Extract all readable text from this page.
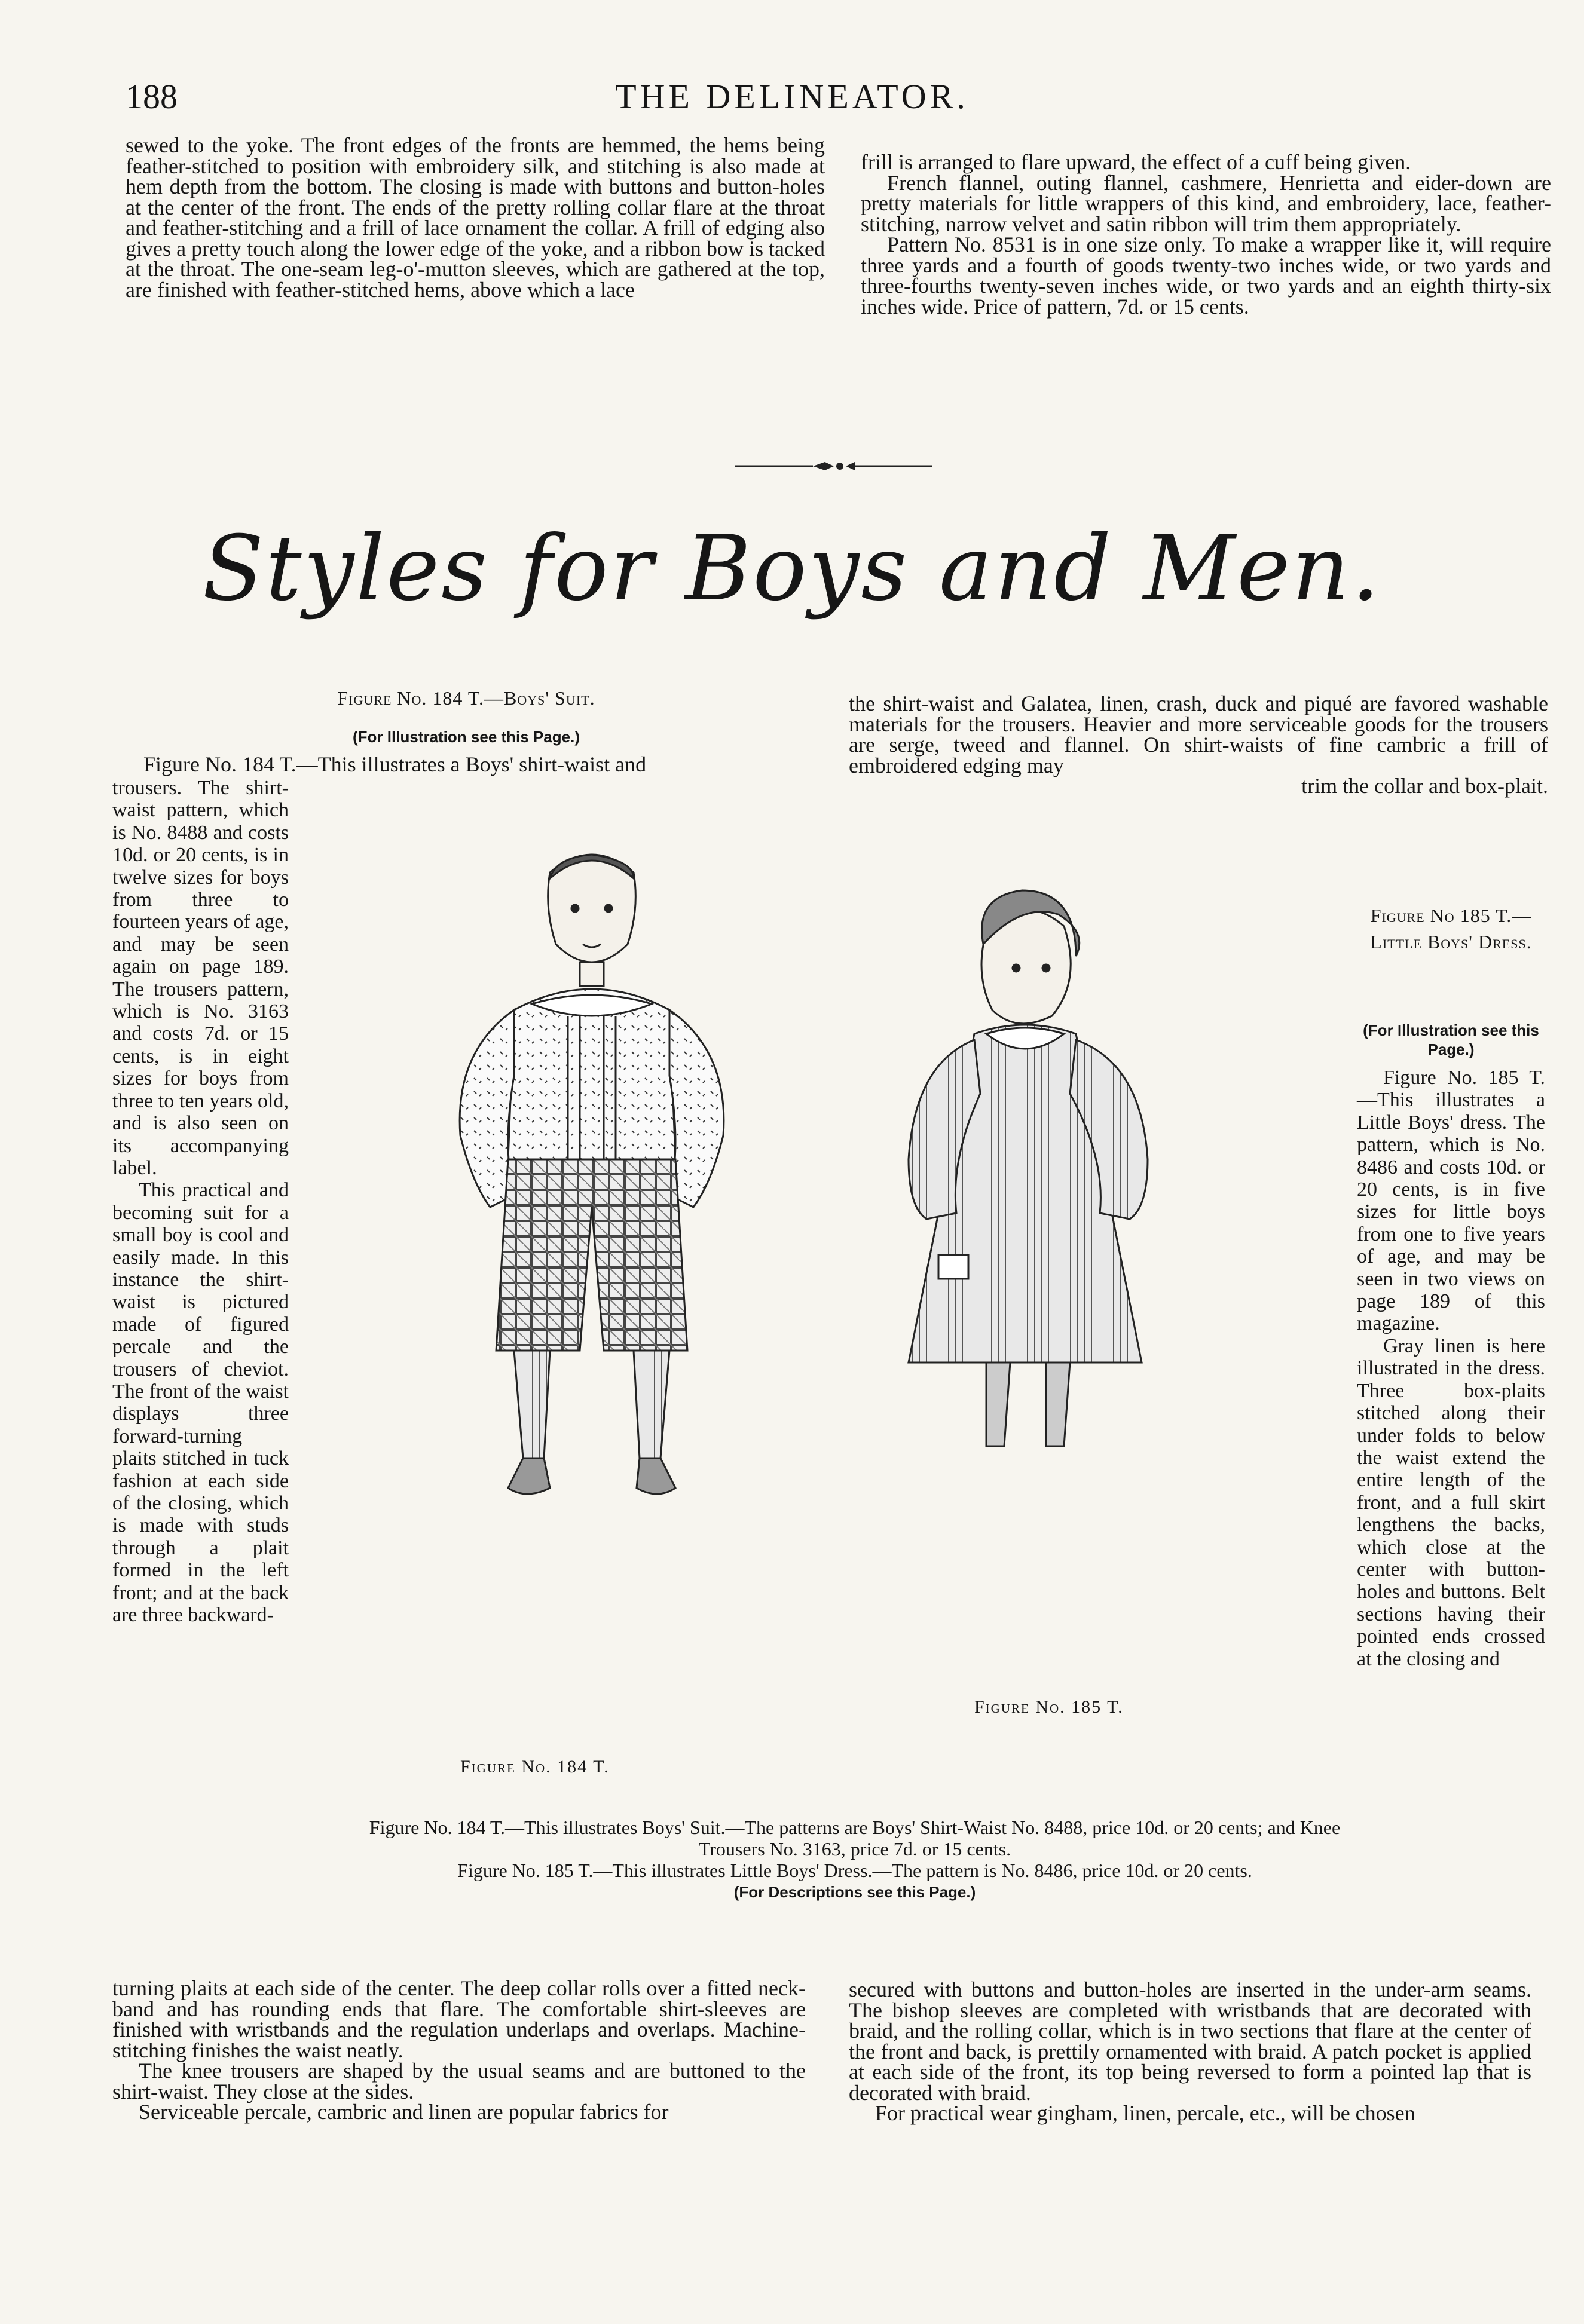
188	THE DELINEATOR.

sewed to the yoke. The front edges of the fronts are hemmed, the hems being feather-stitched to position with embroidery silk, and stitching is also made at hem depth from the bottom. The closing is made with buttons and button-holes at the center of the front. The ends of the pretty rolling collar flare at the throat and feather-stitching and a frill of lace ornament the collar. A frill of edging also gives a pretty touch along the lower edge of the yoke, and a ribbon bow is tacked at the throat. The one-seam leg-o'-mutton sleeves, which are gathered at the top, are finished with feather-stitched hems, above which a lace

frill is arranged to flare upward, the effect of a cuff being given.

French flannel, outing flannel, cashmere, Henrietta and eider-down are pretty materials for little wrappers of this kind, and embroidery, lace, feather-stitching, narrow velvet and satin ribbon will trim them appropriately.

Pattern No. 8531 is in one size only. To make a wrapper like it, will require three yards and a fourth of goods twenty-two inches wide, or two yards and three-fourths twenty-seven inches wide, or two yards and an eighth thirty-six inches wide. Price of pattern, 7d. or 15 cents.

Styles for Boys and Men.
Figure No. 184 T.—Boys' Suit.
(For Illustration see this Page.)
Figure No. 184 T.—This illustrates a Boys' shirt-waist and

trousers. The shirt-waist pattern, which is No. 8488 and costs 10d. or 20 cents, is in twelve sizes for boys from three to fourteen years of age, and may be seen again on page 189. The trousers pattern, which is No. 3163 and costs 7d. or 15 cents, is in eight sizes for boys from three to ten years old, and is also seen on its accompanying label.

This practical and becoming suit for a small boy is cool and easily made. In this instance the shirt-waist is pictured made of figured percale and the trousers of cheviot. The front of the waist displays three forward-turning plaits stitched in tuck fashion at each side of the closing, which is made with studs through a plait formed in the left front; and at the back are three backward-

the shirt-waist and Galatea, linen, crash, duck and piqué are favored washable materials for the trousers. Heavier and more serviceable goods for the trousers are serge, tweed and flannel. On shirt-waists of fine cambric a frill of embroidered edging may

trim the collar and box-plait.

Figure No 185 T.—Little Boys' Dress.
(For Illustration see this Page.)

Figure No. 185 T.—This illustrates a Little Boys' dress. The pattern, which is No. 8486 and costs 10d. or 20 cents, is in five sizes for little boys from one to five years of age, and may be seen in two views on page 189 of this magazine.

Gray linen is here illustrated in the dress. Three box-plaits stitched along their under folds to below the waist extend the entire length of the front, and a full skirt lengthens the backs, which close at the center with button-holes and buttons. Belt sections having their pointed ends crossed at the closing and

Figure No. 184 T.
Figure No. 185 T.

Figure No. 184 T.—This illustrates Boys' Suit.—The patterns are Boys' Shirt-Waist No. 8488, price 10d. or 20 cents; and Knee Trousers No. 3163, price 7d. or 15 cents.

Figure No. 185 T.—This illustrates Little Boys' Dress.—The pattern is No. 8486, price 10d. or 20 cents.

(For Descriptions see this Page.)

turning plaits at each side of the center. The deep collar rolls over a fitted neck-band and has rounding ends that flare. The comfortable shirt-sleeves are finished with wristbands and the regulation underlaps and overlaps. Machine-stitching finishes the waist neatly.

The knee trousers are shaped by the usual seams and are buttoned to the shirt-waist. They close at the sides.

Serviceable percale, cambric and linen are popular fabrics for

secured with buttons and button-holes are inserted in the under-arm seams. The bishop sleeves are completed with wristbands that are decorated with braid, and the rolling collar, which is in two sections that flare at the center of the front and back, is prettily ornamented with braid. A patch pocket is applied at each side of the front, its top being reversed to form a pointed lap that is decorated with braid.

For practical wear gingham, linen, percale, etc., will be chosen
